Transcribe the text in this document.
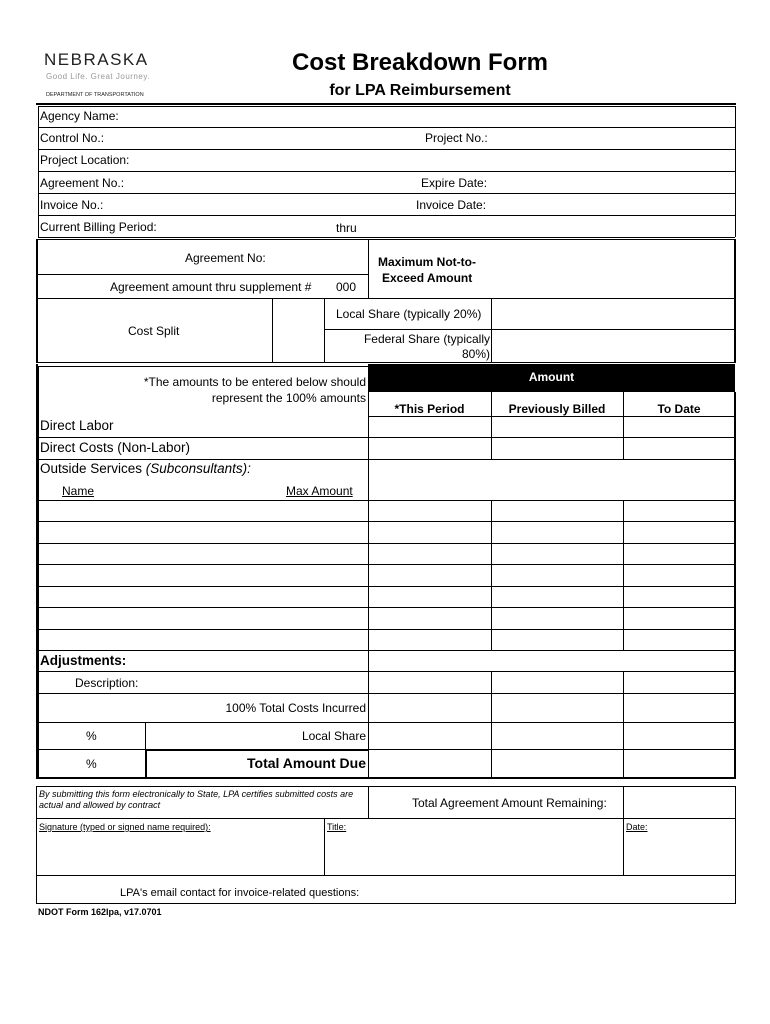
NEBRASKA
Good Life. Great Journey.
DEPARTMENT OF TRANSPORTATION
Cost Breakdown Form
for LPA Reimbursement
Agency Name:
Control No.:	Project No.:
Project Location:
Agreement No.:	Expire Date:
Invoice No.:	Invoice Date:
Current Billing Period:	thru
Agreement No:
Agreement amount thru supplement # 000
Maximum Not-to-
Exceed Amount
Cost Split
Local Share (typically 20%)
Federal Share (typically
80%)
Amount
*The amounts to be entered below should
represent the 100% amounts
*This Period	Previously Billed	To Date
Direct Labor
Direct Costs (Non-Labor)
Outside Services (Subconsultants):
Name	Max Amount
Adjustments:
Description:
100% Total Costs Incurred
%	Local Share
%	Total Amount Due
By submitting this form electronically to State, LPA certifies submitted costs are actual and allowed by contract	Total Agreement Amount Remaining:
Signature (typed or signed name required):	Title:	Date:
LPA's email contact for invoice-related questions:
NDOT Form 162lpa, v17.0701
